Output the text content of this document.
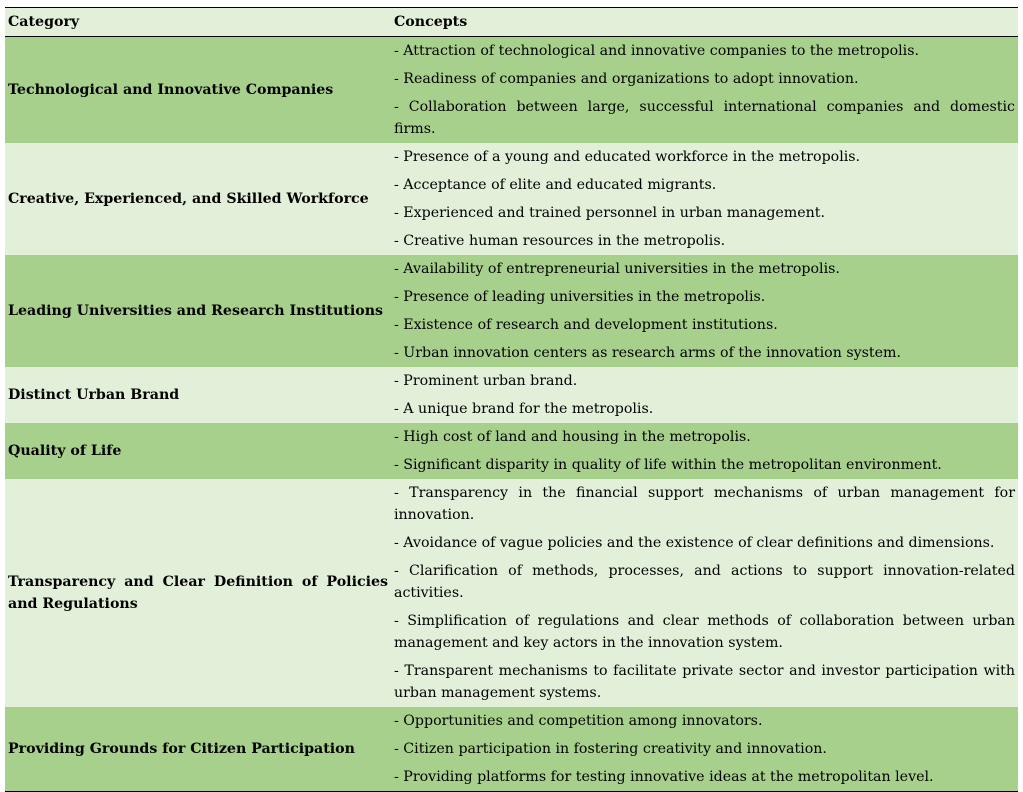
Category	Concepts
Technological and Innovative Companies	- Attraction of technological and innovative companies to the metropolis.
- Readiness of companies and organizations to adopt innovation.
- Collaboration between large, successful international companies and domestic firms.

Creative, Experienced, and Skilled Workforce	- Presence of a young and educated workforce in the metropolis.
- Acceptance of elite and educated migrants.
- Experienced and trained personnel in urban management.
- Creative human resources in the metropolis.

Leading Universities and Research Institutions	- Availability of entrepreneurial universities in the metropolis.
- Presence of leading universities in the metropolis.
- Existence of research and development institutions.
- Urban innovation centers as research arms of the innovation system.

Distinct Urban Brand	- Prominent urban brand.
- A unique brand for the metropolis.

Quality of Life	- High cost of land and housing in the metropolis.
- Significant disparity in quality of life within the metropolitan environment.

Transparency and Clear Definition of Policies and Regulations	- Transparency in the financial support mechanisms of urban management for innovation.
- Avoidance of vague policies and the existence of clear definitions and dimensions.
- Clarification of methods, processes, and actions to support innovation-related activities.
- Simplification of regulations and clear methods of collaboration between urban management and key actors in the innovation system.
- Transparent mechanisms to facilitate private sector and investor participation with urban management systems.

Providing Grounds for Citizen Participation	- Opportunities and competition among innovators.
- Citizen participation in fostering creativity and innovation.
- Providing platforms for testing innovative ideas at the metropolitan level.
